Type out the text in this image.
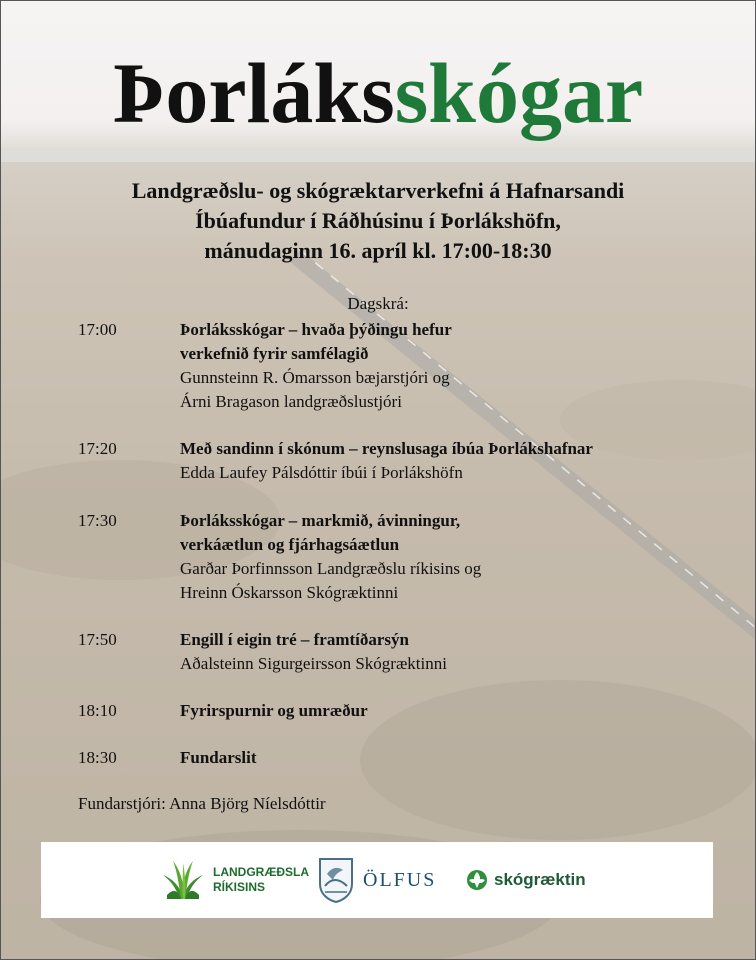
Þorláksskógar
Landgræðslu- og skógræktarverkefni á Hafnarsandi
Íbúafundur í Ráðhúsinu í Þorlákshöfn,
mánudaginn 16. apríl kl. 17:00-18:30
Dagskrá:
17:00	Þorláksskógar – hvaða þýðingu hefur
verkefnið fyrir samfélagið
Gunnsteinn R. Ómarsson bæjarstjóri og
Árni Bragason landgræðslustjóri
17:20	Með sandinn í skónum – reynslusaga íbúa Þorlákshafnar
Edda Laufey Pálsdóttir íbúi í Þorlákshöfn
17:30	Þorláksskógar – markmið, ávinningur,
verkáætlun og fjárhagsáætlun
Garðar Þorfinnsson Landgræðslu ríkisins og
Hreinn Óskarsson Skógræktinni
17:50	Engill í eigin tré – framtíðarsýn
Aðalsteinn Sigurgeirsson Skógræktinni
18:10	Fyrirspurnir og umræður
18:30	Fundarslit
Fundarstjóri: Anna Björg Níelsdóttir
LANDGRÆÐSLA
RÍKISINS	ÖLFUS	skógræktin
